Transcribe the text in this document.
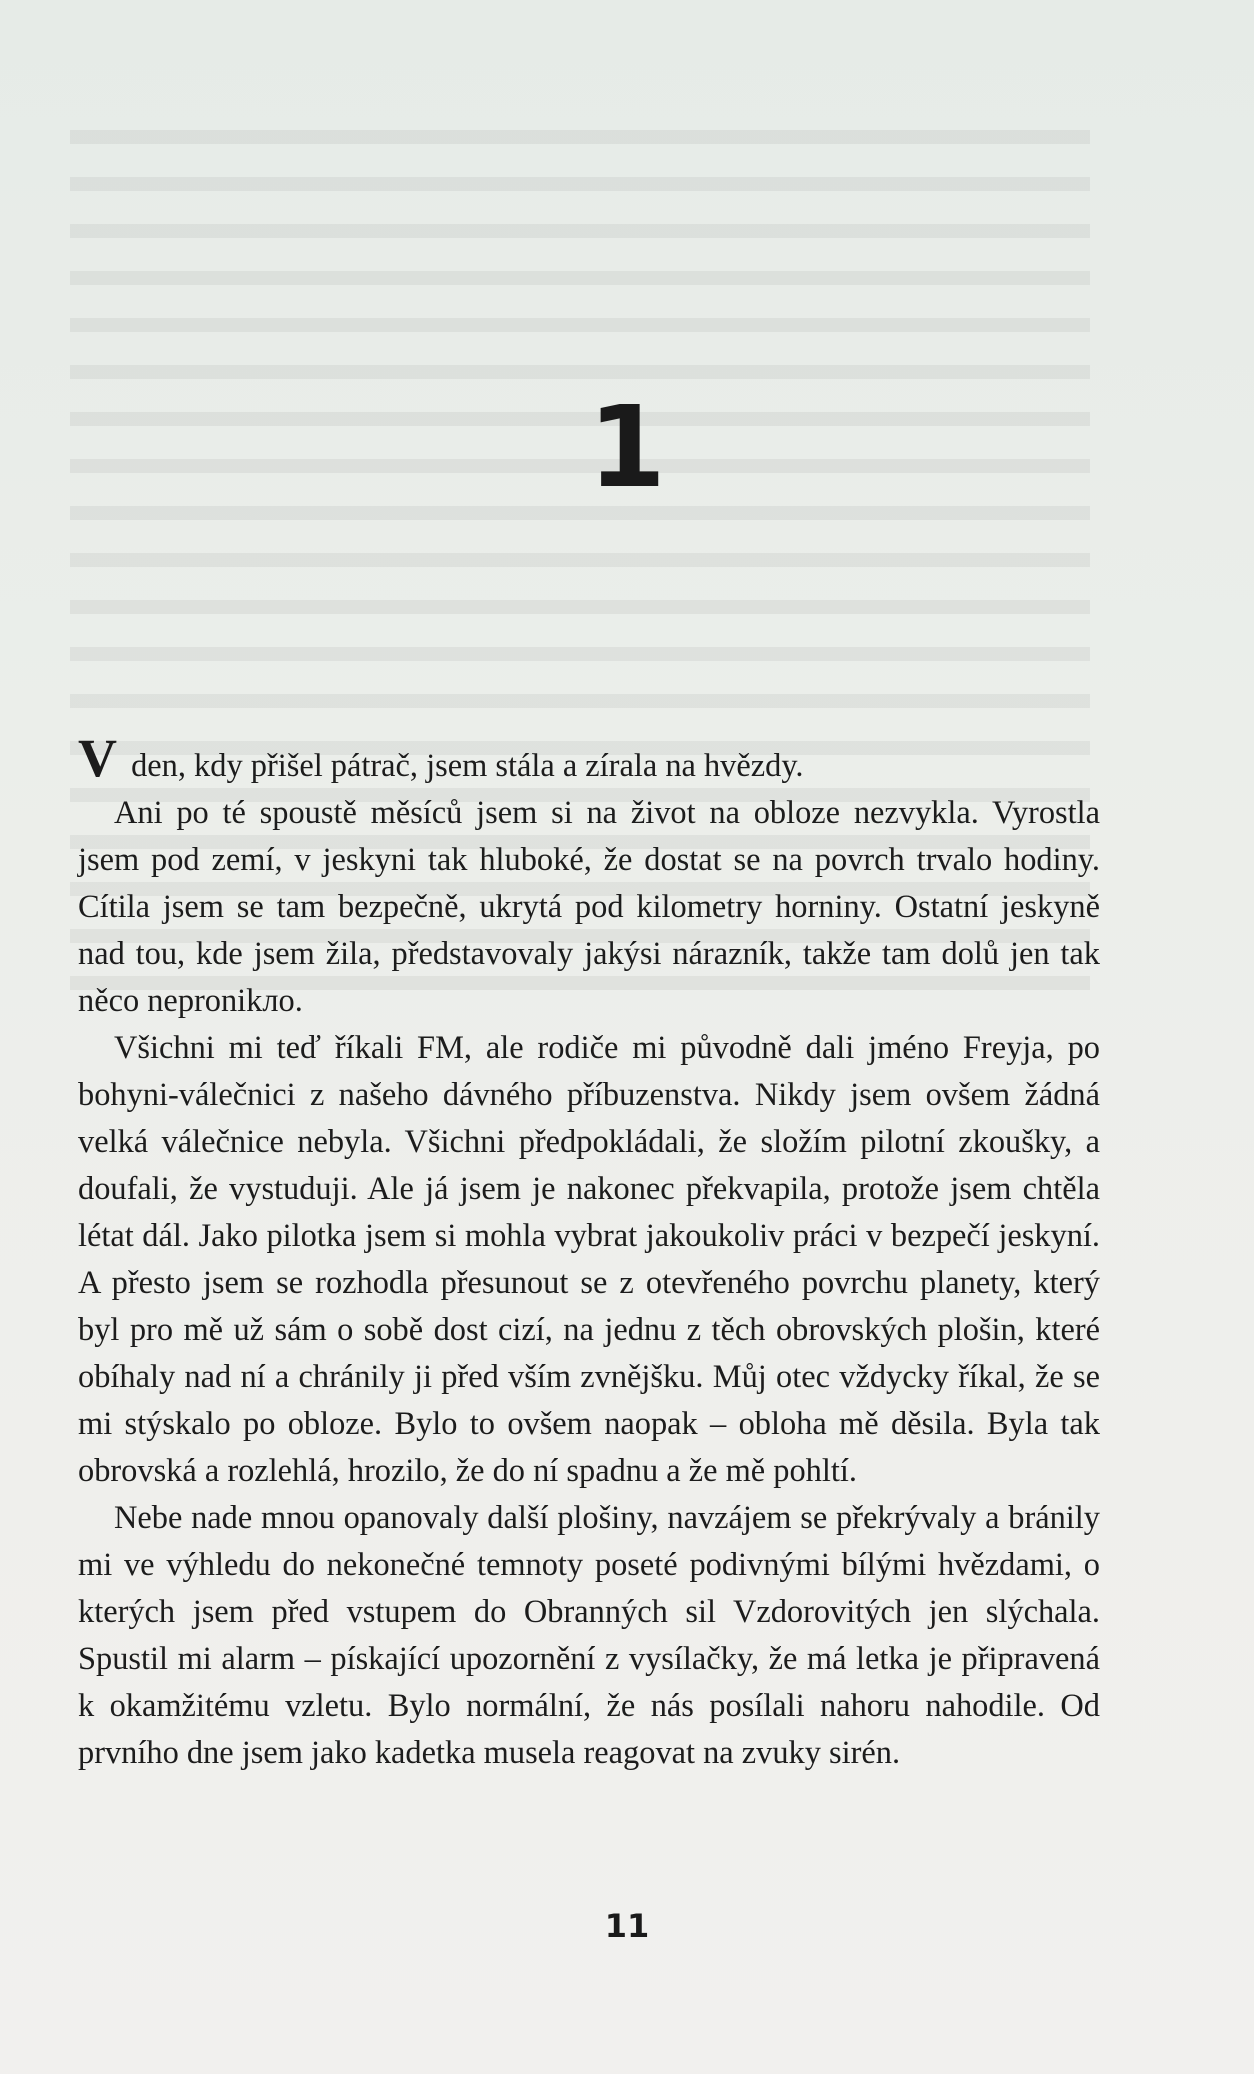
1

V den, kdy přišel pátrač, jsem stála a zírala na hvězdy.

Ani po té spoustě měsíců jsem si na život na obloze nezvykla. Vyrostla jsem pod zemí, v jeskyni tak hluboké, že dostat se na povrch trvalo hodiny. Cítila jsem se tam bezpečně, ukrytá pod kilometry horniny. Ostatní jeskyně nad tou, kde jsem žila, představovaly jakýsi nárazník, takže tam dolů jen tak něco nepronikло.

Všichni mi teď říkali FM, ale rodiče mi původně dali jméno Freyja, po bohyni-válečnici z našeho dávného příbuzenstva. Nikdy jsem ovšem žádná velká válečnice nebyla. Všichni předpokládali, že složím pilotní zkoušky, a doufali, že vystuduji. Ale já jsem je nakonec překvapila, protože jsem chtěla létat dál. Jako pilotka jsem si mohla vybrat jakoukoliv práci v bezpečí jeskyní. A přesto jsem se rozhodla přesunout se z otevřeného povrchu planety, který byl pro mě už sám o sobě dost cizí, na jednu z těch obrovských plošin, které obíhaly nad ní a chránily ji před vším zvnějšku. Můj otec vždycky říkal, že se mi stýskalo po obloze. Bylo to ovšem naopak – obloha mě děsila. Byla tak obrovská a rozlehlá, hrozilo, že do ní spadnu a že mě pohltí.

Nebe nade mnou opanovaly další plošiny, navzájem se překrývaly a bránily mi ve výhledu do nekonečné temnoty poseté podivnými bílými hvězdami, o kterých jsem před vstupem do Obranných sil Vzdorovitých jen slýchala. Spustil mi alarm – pískající upozornění z vysílačky, že má letka je připravená k okamžitému vzletu. Bylo normální, že nás posílali nahoru nahodile. Od prvního dne jsem jako kadetka musela reagovat na zvuky sirén.

11
